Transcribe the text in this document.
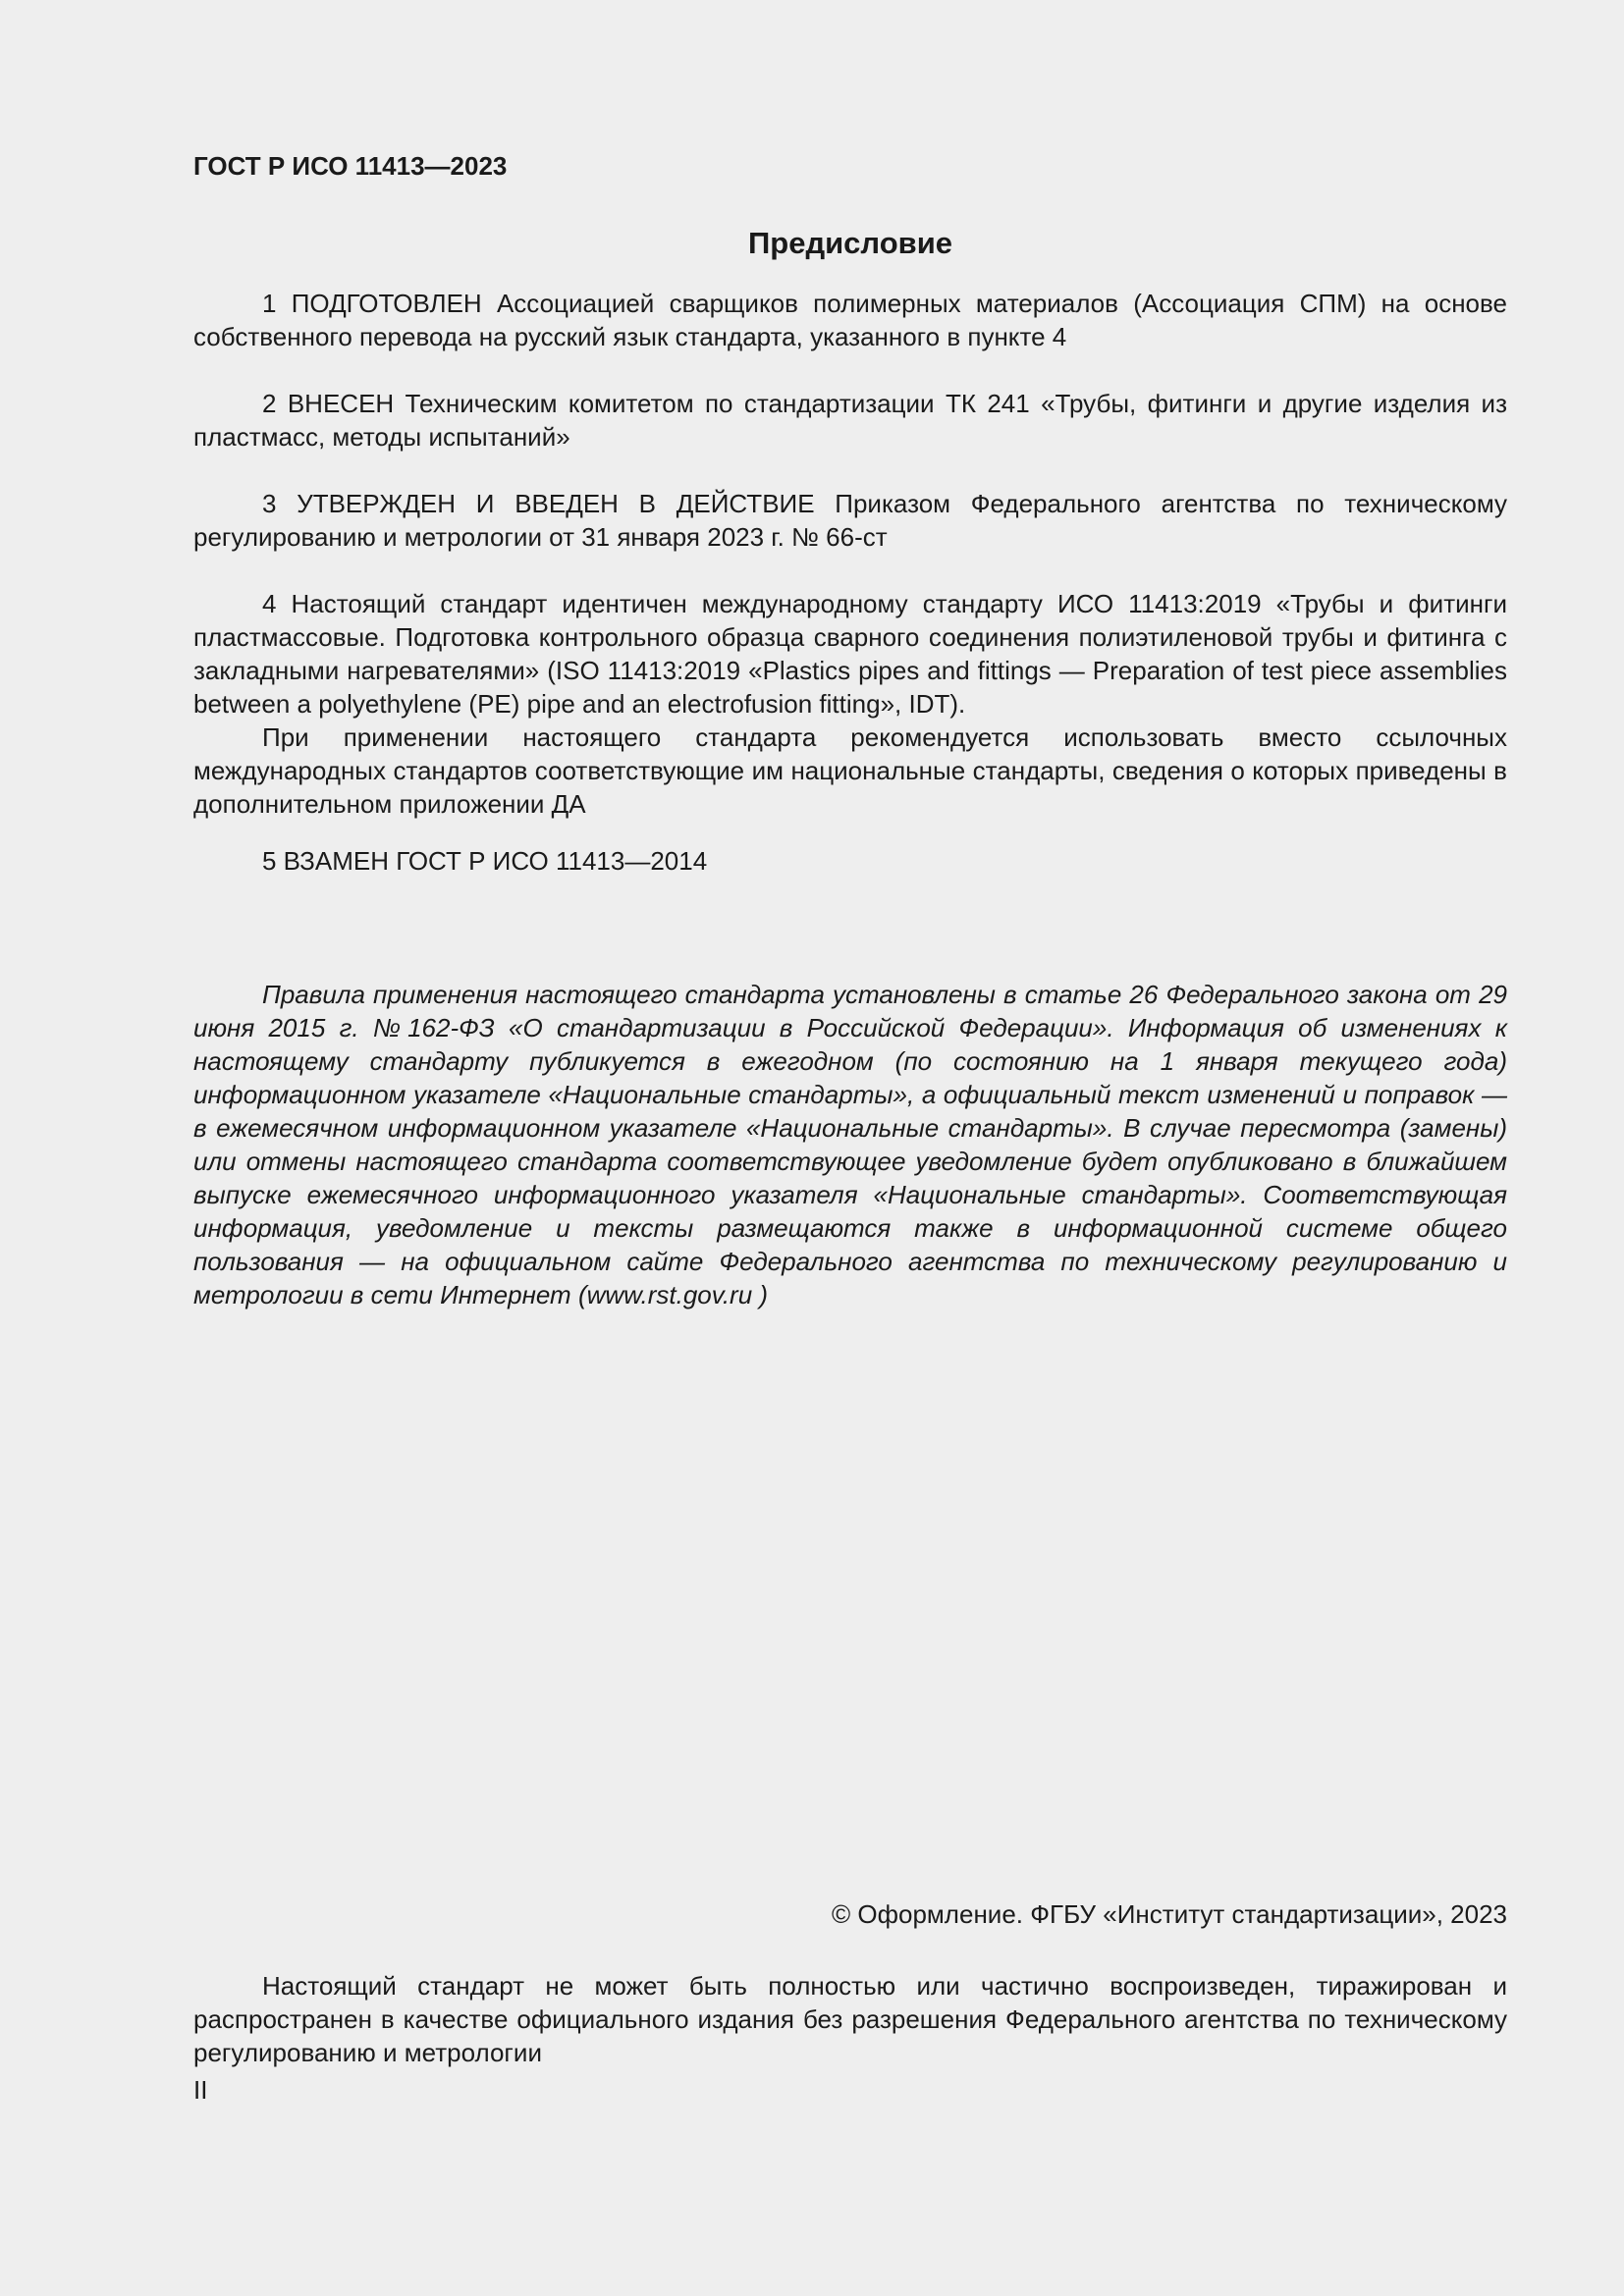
ГОСТ Р ИСО 11413—2023
Предисловие

1 ПОДГОТОВЛЕН Ассоциацией сварщиков полимерных материалов (Ассоциация СПМ) на основе собственного перевода на русский язык стандарта, указанного в пункте 4

2 ВНЕСЕН Техническим комитетом по стандартизации ТК 241 «Трубы, фитинги и другие изделия из пластмасс, методы испытаний»

3 УТВЕРЖДЕН И ВВЕДЕН В ДЕЙСТВИЕ Приказом Федерального агентства по техническому регулированию и метрологии от 31 января 2023 г. № 66-ст

4 Настоящий стандарт идентичен международному стандарту ИСО 11413:2019 «Трубы и фитинги пластмассовые. Подготовка контрольного образца сварного соединения полиэтиленовой трубы и фитинга с закладными нагревателями» (ISO 11413:2019 «Plastics pipes and fittings — Preparation of test piece assemblies between a polyethylene (PE) pipe and an electrofusion fitting», IDT).

При применении настоящего стандарта рекомендуется использовать вместо ссылочных международных стандартов соответствующие им национальные стандарты, сведения о которых приведены в дополнительном приложении ДА

5 ВЗАМЕН ГОСТ Р ИСО 11413—2014

Правила применения настоящего стандарта установлены в статье 26 Федерального закона от 29 июня 2015 г. №162-ФЗ «О стандартизации в Российской Федерации». Информация об изменениях к настоящему стандарту публикуется в ежегодном (по состоянию на 1 января текущего года) информационном указателе «Национальные стандарты», а официальный текст изменений и поправок — в ежемесячном информационном указателе «Национальные стандарты». В случае пересмотра (замены) или отмены настоящего стандарта соответствующее уведомление будет опубликовано в ближайшем выпуске ежемесячного информационного указателя «Национальные стандарты». Соответствующая информация, уведомление и тексты размещаются также в информационной системе общего пользования — на официальном сайте Федерального агентства по техническому регулированию и метрологии в сети Интернет (www.rst.gov.ru )

© Оформление. ФГБУ «Институт стандартизации», 2023

Настоящий стандарт не может быть полностью или частично воспроизведен, тиражирован и распространен в качестве официального издания без разрешения Федерального агентства по техническому регулированию и метрологии

II
